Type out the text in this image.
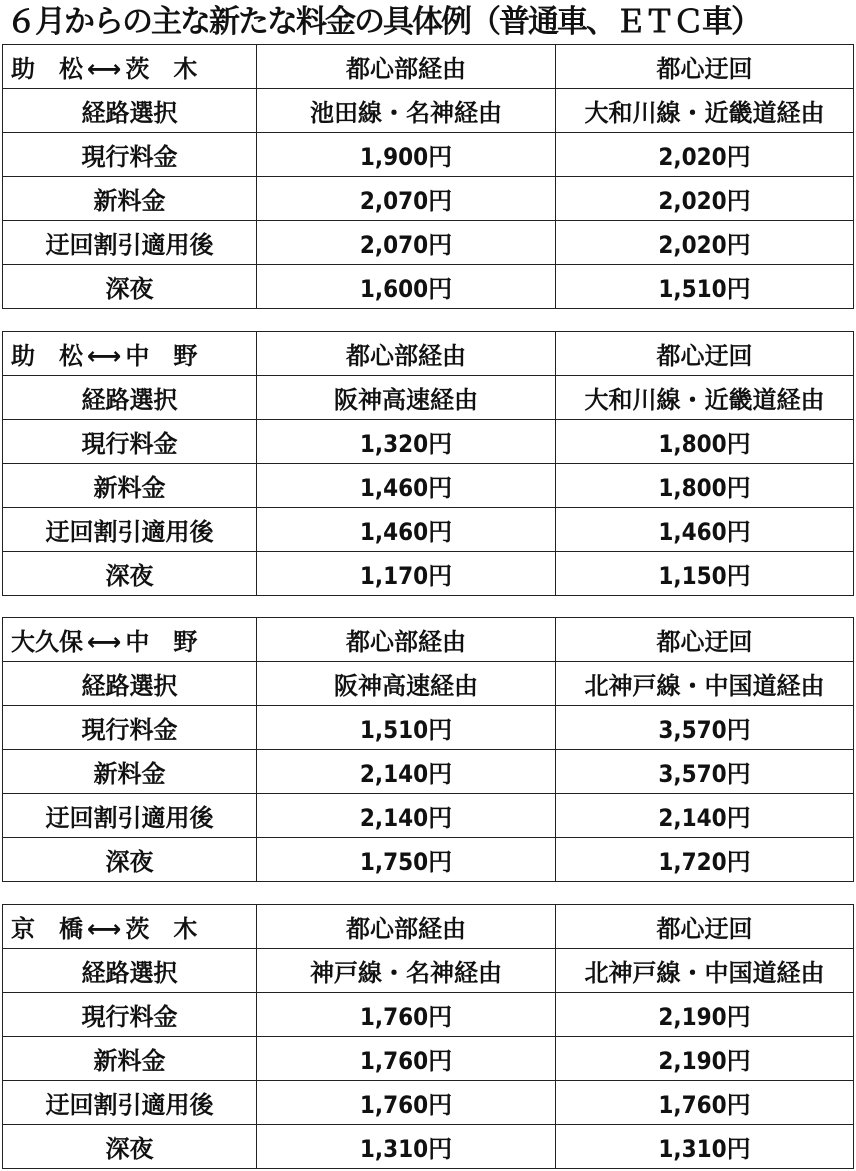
６月からの主な新たな料金の具体例（普通車、ＥＴＣ車）
助　松 ⟷ 茨　木	都心部経由	都心迂回
経路選択	池田線・名神経由	大和川線・近畿道経由
現行料金	1,900円	2,020円
新料金	2,070円	2,020円
迂回割引適用後	2,070円	2,020円
深夜	1,600円	1,510円
助　松 ⟷ 中　野	都心部経由	都心迂回
経路選択	阪神高速経由	大和川線・近畿道経由
現行料金	1,320円	1,800円
新料金	1,460円	1,800円
迂回割引適用後	1,460円	1,460円
深夜	1,170円	1,150円
大久保 ⟷ 中　野	都心部経由	都心迂回
経路選択	阪神高速経由	北神戸線・中国道経由
現行料金	1,510円	3,570円
新料金	2,140円	3,570円
迂回割引適用後	2,140円	2,140円
深夜	1,750円	1,720円
京　橋 ⟷ 茨　木	都心部経由	都心迂回
経路選択	神戸線・名神経由	北神戸線・中国道経由
現行料金	1,760円	2,190円
新料金	1,760円	2,190円
迂回割引適用後	1,760円	1,760円
深夜	1,310円	1,310円
